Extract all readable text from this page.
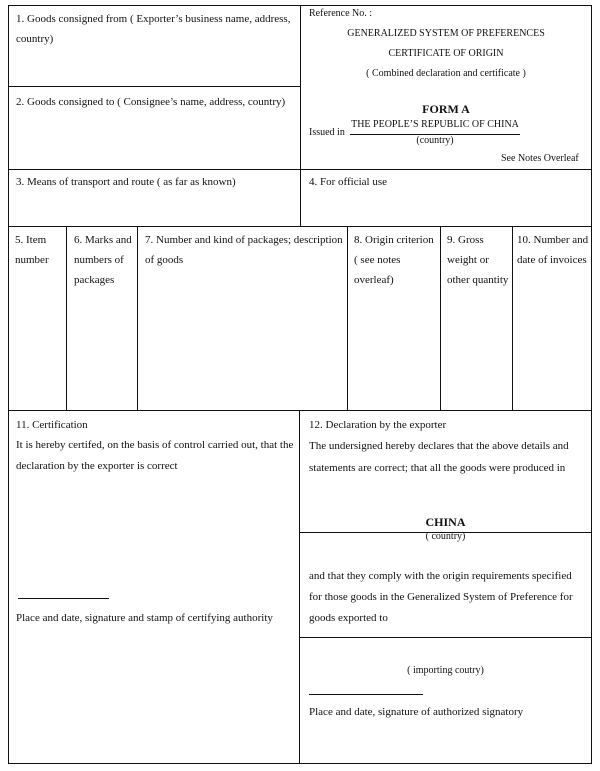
1. Goods consigned from ( Exporter’s business name, address, country)
2. Goods consigned to ( Consignee’s name, address, country)
Reference No. :
GENERALIZED SYSTEM OF PREFERENCES
CERTIFICATE OF ORIGIN
( Combined declaration and certificate )
FORM A
Issued in
THE PEOPLE’S REPUBLIC OF CHINA
(country)
See Notes Overleaf
3. Means of transport and route ( as far as known)	4. For official use
5. Item number
6. Marks and numbers of packages
7. Number and kind of packages; description of goods
8. Origin criterion ( see notes overleaf)
9. Gross weight or other quantity
10. Number and date of invoices
11. Certification
It is hereby certifed, on the basis of control carried out, that the declaration by the exporter is correct
Place and date, signature and stamp of certifying authority
12. Declaration by the exporter
The undersigned hereby declares that the above details and statements are correct; that all the goods were produced in
CHINA
( country)
and that they comply with the origin requirements specified for those goods in the Generalized System of Preference for goods exported to
( importing coutry)
Place and date, signature of authorized signatory
